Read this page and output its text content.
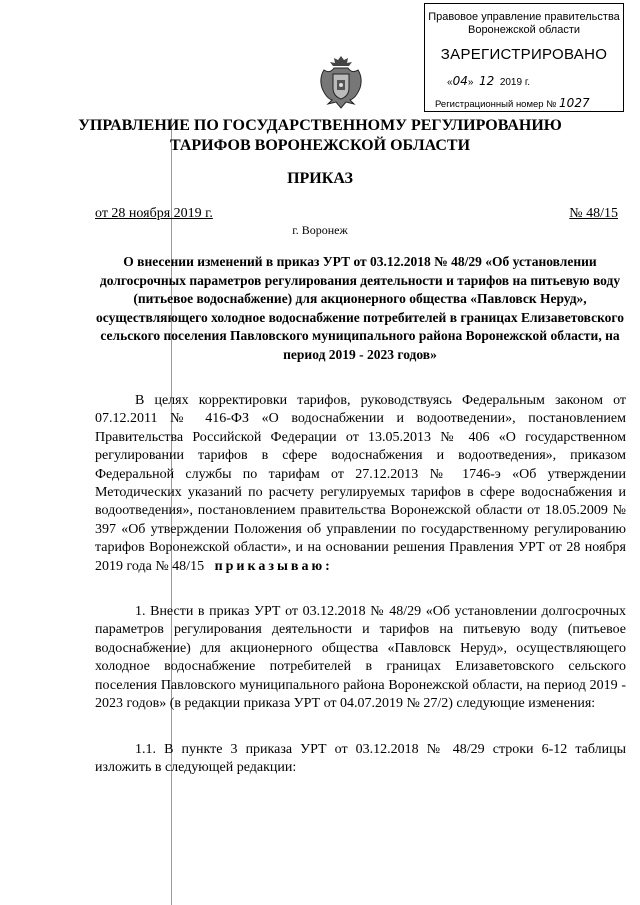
Правовое управление правительства
Воронежской области
ЗАРЕГИСТРИРОВАНО
«04»  12 2019 г.
Регистрационный номер № 1027
УПРАВЛЕНИЕ ПО ГОСУДАРСТВЕННОМУ РЕГУЛИРОВАНИЮ
ТАРИФОВ ВОРОНЕЖСКОЙ ОБЛАСТИ
ПРИКАЗ
от 28 ноября 2019 г.	№ 48/15
г. Воронеж
О внесении изменений в приказ УРТ от 03.12.2018 № 48/29 «Об установлении долгосрочных параметров регулирования деятельности и тарифов на питьевую воду (питьевое водоснабжение) для акционерного общества «Павловск Неруд», осуществляющего холодное водоснабжение потребителей в границах Елизаветовского сельского поселения Павловского муниципального района Воронежской области, на период 2019 - 2023 годов»
В целях корректировки тарифов, руководствуясь Федеральным законом от 07.12.2011 № 416-ФЗ «О водоснабжении и водоотведении», постановлением Правительства Российской Федерации от 13.05.2013 № 406 «О государственном регулировании тарифов в сфере водоснабжения и водоотведения», приказом Федеральной службы по тарифам от 27.12.2013 № 1746-э «Об утверждении Методических указаний по расчету регулируемых тарифов в сфере водоснабжения и водоотведения», постановлением правительства Воронежской области от 18.05.2009 № 397 «Об утверждении Положения об управлении по государственному регулированию тарифов Воронежской области», и на основании решения Правления УРТ от 28 ноября 2019 года № 48/15 приказываю:
1. Внести в приказ УРТ от 03.12.2018 № 48/29 «Об установлении долгосрочных параметров регулирования деятельности и тарифов на питьевую воду (питьевое водоснабжение) для акционерного общества «Павловск Неруд», осуществляющего холодное водоснабжение потребителей в границах Елизаветовского сельского поселения Павловского муниципального района Воронежской области, на период 2019 - 2023 годов» (в редакции приказа УРТ от 04.07.2019 № 27/2) следующие изменения:
1.1. В пункте 3 приказа УРТ от 03.12.2018 № 48/29 строки 6-12 таблицы изложить в следующей редакции:
